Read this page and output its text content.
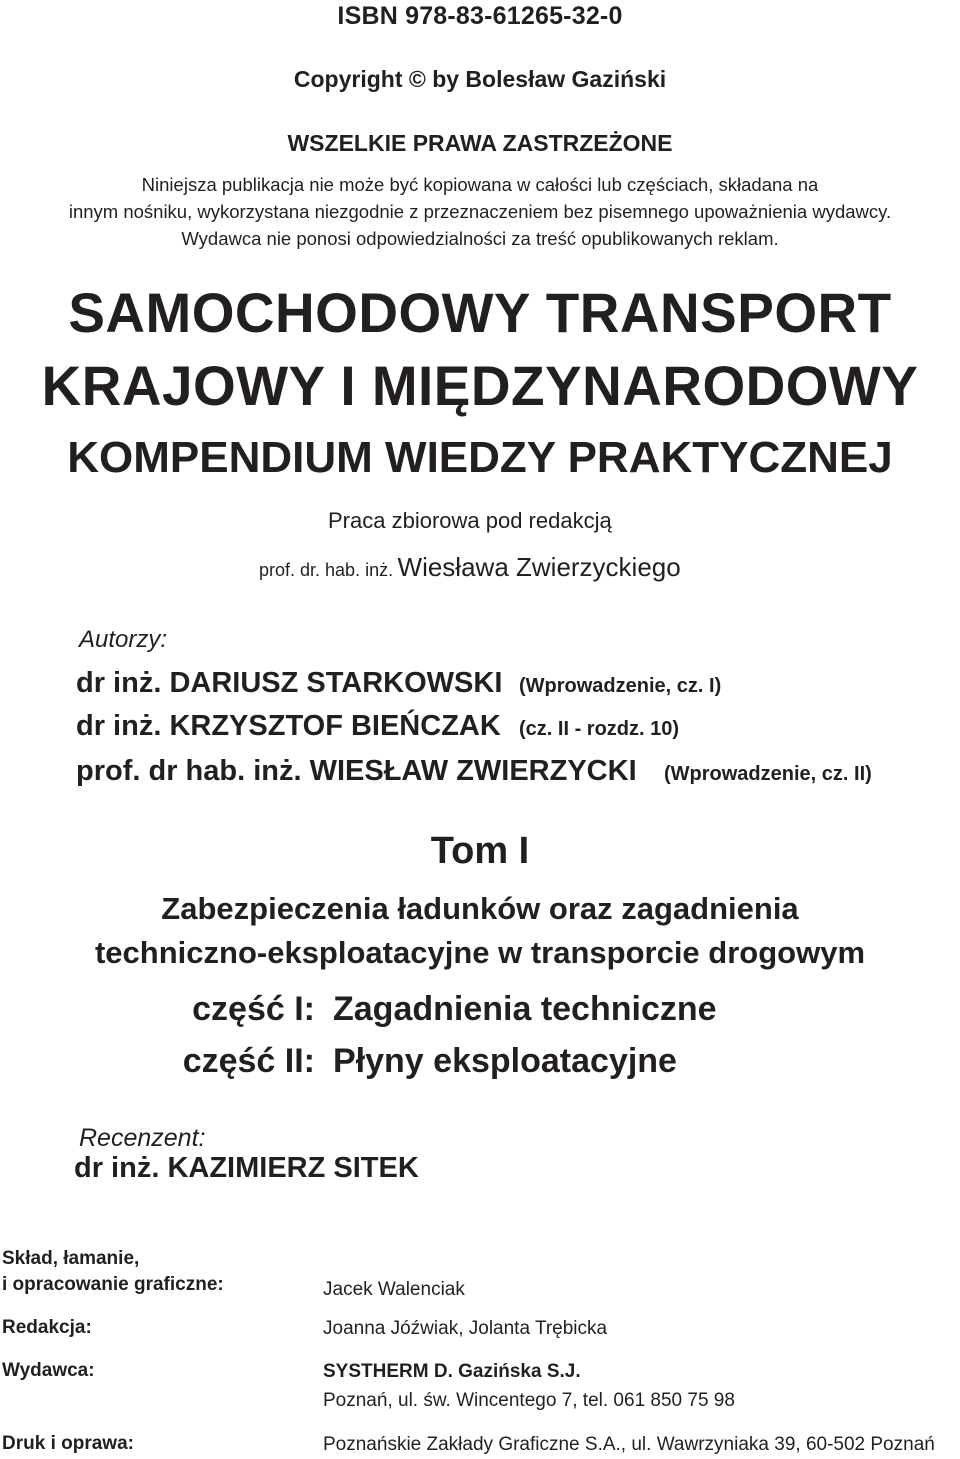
ISBN 978-83-61265-32-0
Copyright © by Bolesław Gaziński
WSZELKIE PRAWA ZASTRZEŻONE
Niniejsza publikacja nie może być kopiowana w całości lub częściach, składana na
innym nośniku, wykorzystana niezgodnie z przeznaczeniem bez pisemnego upoważnienia wydawcy.
Wydawca nie ponosi odpowiedzialności za treść opublikowanych reklam.
SAMOCHODOWY TRANSPORT
KRAJOWY I MIĘDZYNARODOWY
KOMPENDIUM WIEDZY PRAKTYCZNEJ
Praca zbiorowa pod redakcją
prof. dr. hab. inż. Wiesława Zwierzyckiego
Autorzy:
dr inż. DARIUSZ STARKOWSKI (Wprowadzenie, cz. I)
dr inż. KRZYSZTOF BIEŃCZAK (cz. II - rozdz. 10)
prof. dr hab. inż. WIESŁAW ZWIERZYCKI (Wprowadzenie, cz. II)
Tom I
Zabezpieczenia ładunków oraz zagadnienia
techniczno-eksploatacyjne w transporcie drogowym
część I: Zagadnienia techniczne
część II: Płyny eksploatacyjne
Recenzent:
dr inż. KAZIMIERZ SITEK
Skład, łamanie,
i opracowanie graficzne:	Jacek Walenciak
Redakcja:	Joanna Jóźwiak, Jolanta Trębicka
Wydawca:	SYSTHERM D. Gazińska S.J.
Poznań, ul. św. Wincentego 7, tel. 061 850 75 98
Druk i oprawa:	Poznańskie Zakłady Graficzne S.A., ul. Wawrzyniaka 39, 60-502 Poznań
